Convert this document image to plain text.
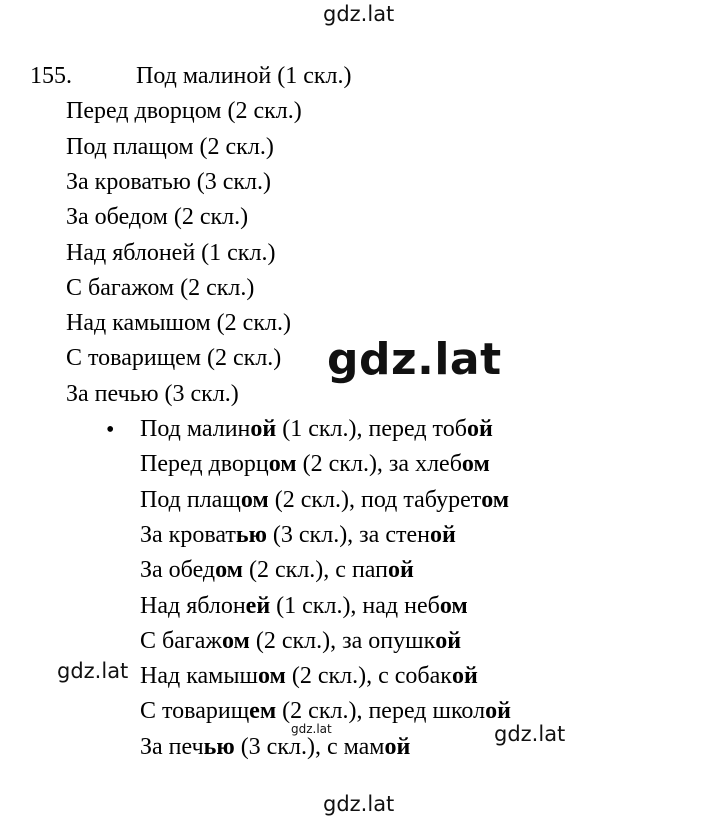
gdz.lat
155.	Под малиной (1 скл.)
Перед дворцом (2 скл.)
Под плащом (2 скл.)
За кроватью (3 скл.)
За обедом (2 скл.)
Над яблоней (1 скл.)
С багажом (2 скл.)
Над камышом (2 скл.)
С товарищем (2 скл.)
За печью (3 скл.)
• Под малиной (1 скл.), перед тобой
Перед дворцом (2 скл.), за хлебом
Под плащом (2 скл.), под табуретом
За кроватью (3 скл.), за стеной
За обедом (2 скл.), с папой
Над яблоней (1 скл.), над небом
С багажом (2 скл.), за опушкой
Над камышом (2 скл.), с собакой
С товарищем (2 скл.), перед школой
За печью (3 скл.), с мамой
gdz.lat
gdz.lat
gdz.lat	gdz.lat
gdz.lat
